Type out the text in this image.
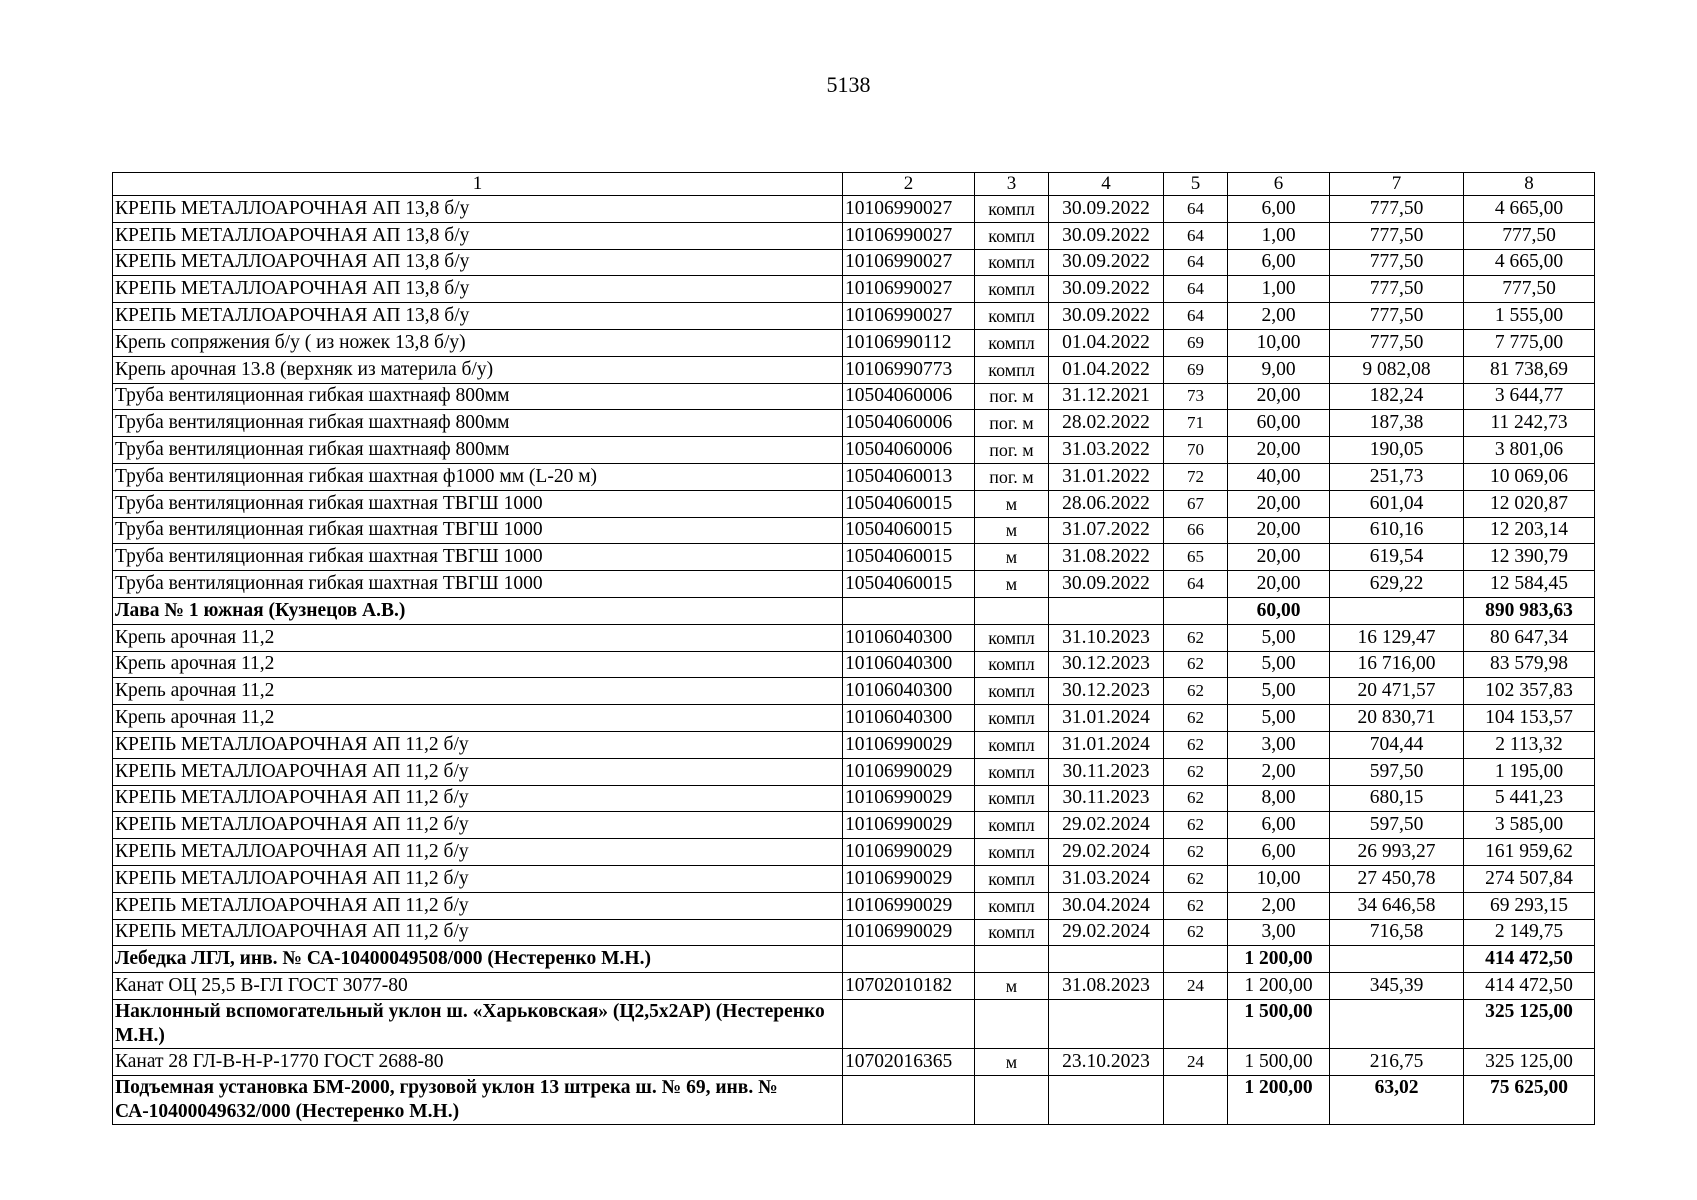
5138
1	2	3	4	5	6	7	8
КРЕПЬ МЕТАЛЛОАРОЧНАЯ АП 13,8 б/у	10106990027	компл	30.09.2022	64	6,00	777,50	4 665,00
КРЕПЬ МЕТАЛЛОАРОЧНАЯ АП 13,8 б/у	10106990027	компл	30.09.2022	64	1,00	777,50	777,50
КРЕПЬ МЕТАЛЛОАРОЧНАЯ АП 13,8 б/у	10106990027	компл	30.09.2022	64	6,00	777,50	4 665,00
КРЕПЬ МЕТАЛЛОАРОЧНАЯ АП 13,8 б/у	10106990027	компл	30.09.2022	64	1,00	777,50	777,50
КРЕПЬ МЕТАЛЛОАРОЧНАЯ АП 13,8 б/у	10106990027	компл	30.09.2022	64	2,00	777,50	1 555,00
Крепь сопряжения б/у ( из ножек 13,8 б/у)	10106990112	компл	01.04.2022	69	10,00	777,50	7 775,00
Крепь арочная 13.8 (верхняк из материла б/у)	10106990773	компл	01.04.2022	69	9,00	9 082,08	81 738,69
Труба вентиляционная гибкая шахтнаяф 800мм	10504060006	пог. м	31.12.2021	73	20,00	182,24	3 644,77
Труба вентиляционная гибкая шахтнаяф 800мм	10504060006	пог. м	28.02.2022	71	60,00	187,38	11 242,73
Труба вентиляционная гибкая шахтнаяф 800мм	10504060006	пог. м	31.03.2022	70	20,00	190,05	3 801,06
Труба вентиляционная гибкая шахтная ф1000 мм (L-20 м)	10504060013	пог. м	31.01.2022	72	40,00	251,73	10 069,06
Труба вентиляционная гибкая шахтная ТВГШ 1000	10504060015	м	28.06.2022	67	20,00	601,04	12 020,87
Труба вентиляционная гибкая шахтная ТВГШ 1000	10504060015	м	31.07.2022	66	20,00	610,16	12 203,14
Труба вентиляционная гибкая шахтная ТВГШ 1000	10504060015	м	31.08.2022	65	20,00	619,54	12 390,79
Труба вентиляционная гибкая шахтная ТВГШ 1000	10504060015	м	30.09.2022	64	20,00	629,22	12 584,45
Лава № 1 южная (Кузнецов А.В.)					60,00		890 983,63
Крепь арочная 11,2	10106040300	компл	31.10.2023	62	5,00	16 129,47	80 647,34
Крепь арочная 11,2	10106040300	компл	30.12.2023	62	5,00	16 716,00	83 579,98
Крепь арочная 11,2	10106040300	компл	30.12.2023	62	5,00	20 471,57	102 357,83
Крепь арочная 11,2	10106040300	компл	31.01.2024	62	5,00	20 830,71	104 153,57
КРЕПЬ МЕТАЛЛОАРОЧНАЯ АП 11,2 б/у	10106990029	компл	31.01.2024	62	3,00	704,44	2 113,32
КРЕПЬ МЕТАЛЛОАРОЧНАЯ АП 11,2 б/у	10106990029	компл	30.11.2023	62	2,00	597,50	1 195,00
КРЕПЬ МЕТАЛЛОАРОЧНАЯ АП 11,2 б/у	10106990029	компл	30.11.2023	62	8,00	680,15	5 441,23
КРЕПЬ МЕТАЛЛОАРОЧНАЯ АП 11,2 б/у	10106990029	компл	29.02.2024	62	6,00	597,50	3 585,00
КРЕПЬ МЕТАЛЛОАРОЧНАЯ АП 11,2 б/у	10106990029	компл	29.02.2024	62	6,00	26 993,27	161 959,62
КРЕПЬ МЕТАЛЛОАРОЧНАЯ АП 11,2 б/у	10106990029	компл	31.03.2024	62	10,00	27 450,78	274 507,84
КРЕПЬ МЕТАЛЛОАРОЧНАЯ АП 11,2 б/у	10106990029	компл	30.04.2024	62	2,00	34 646,58	69 293,15
КРЕПЬ МЕТАЛЛОАРОЧНАЯ АП 11,2 б/у	10106990029	компл	29.02.2024	62	3,00	716,58	2 149,75
Лебедка ЛГЛ, инв. № СА-10400049508/000 (Нестеренко М.Н.)					1 200,00		414 472,50
Канат ОЦ 25,5 В-ГЛ ГОСТ 3077-80	10702010182	м	31.08.2023	24	1 200,00	345,39	414 472,50
Наклонный вспомогательный уклон ш. «Харьковская» (Ц2,5х2АР) (Нестеренко М.Н.)					1 500,00		325 125,00
Канат 28 ГЛ-В-Н-Р-1770 ГОСТ 2688-80	10702016365	м	23.10.2023	24	1 500,00	216,75	325 125,00
Подъемная установка БМ-2000, грузовой уклон 13 штрека ш. № 69, инв. № СА-10400049632/000 (Нестеренко М.Н.)					1 200,00	63,02	75 625,00
